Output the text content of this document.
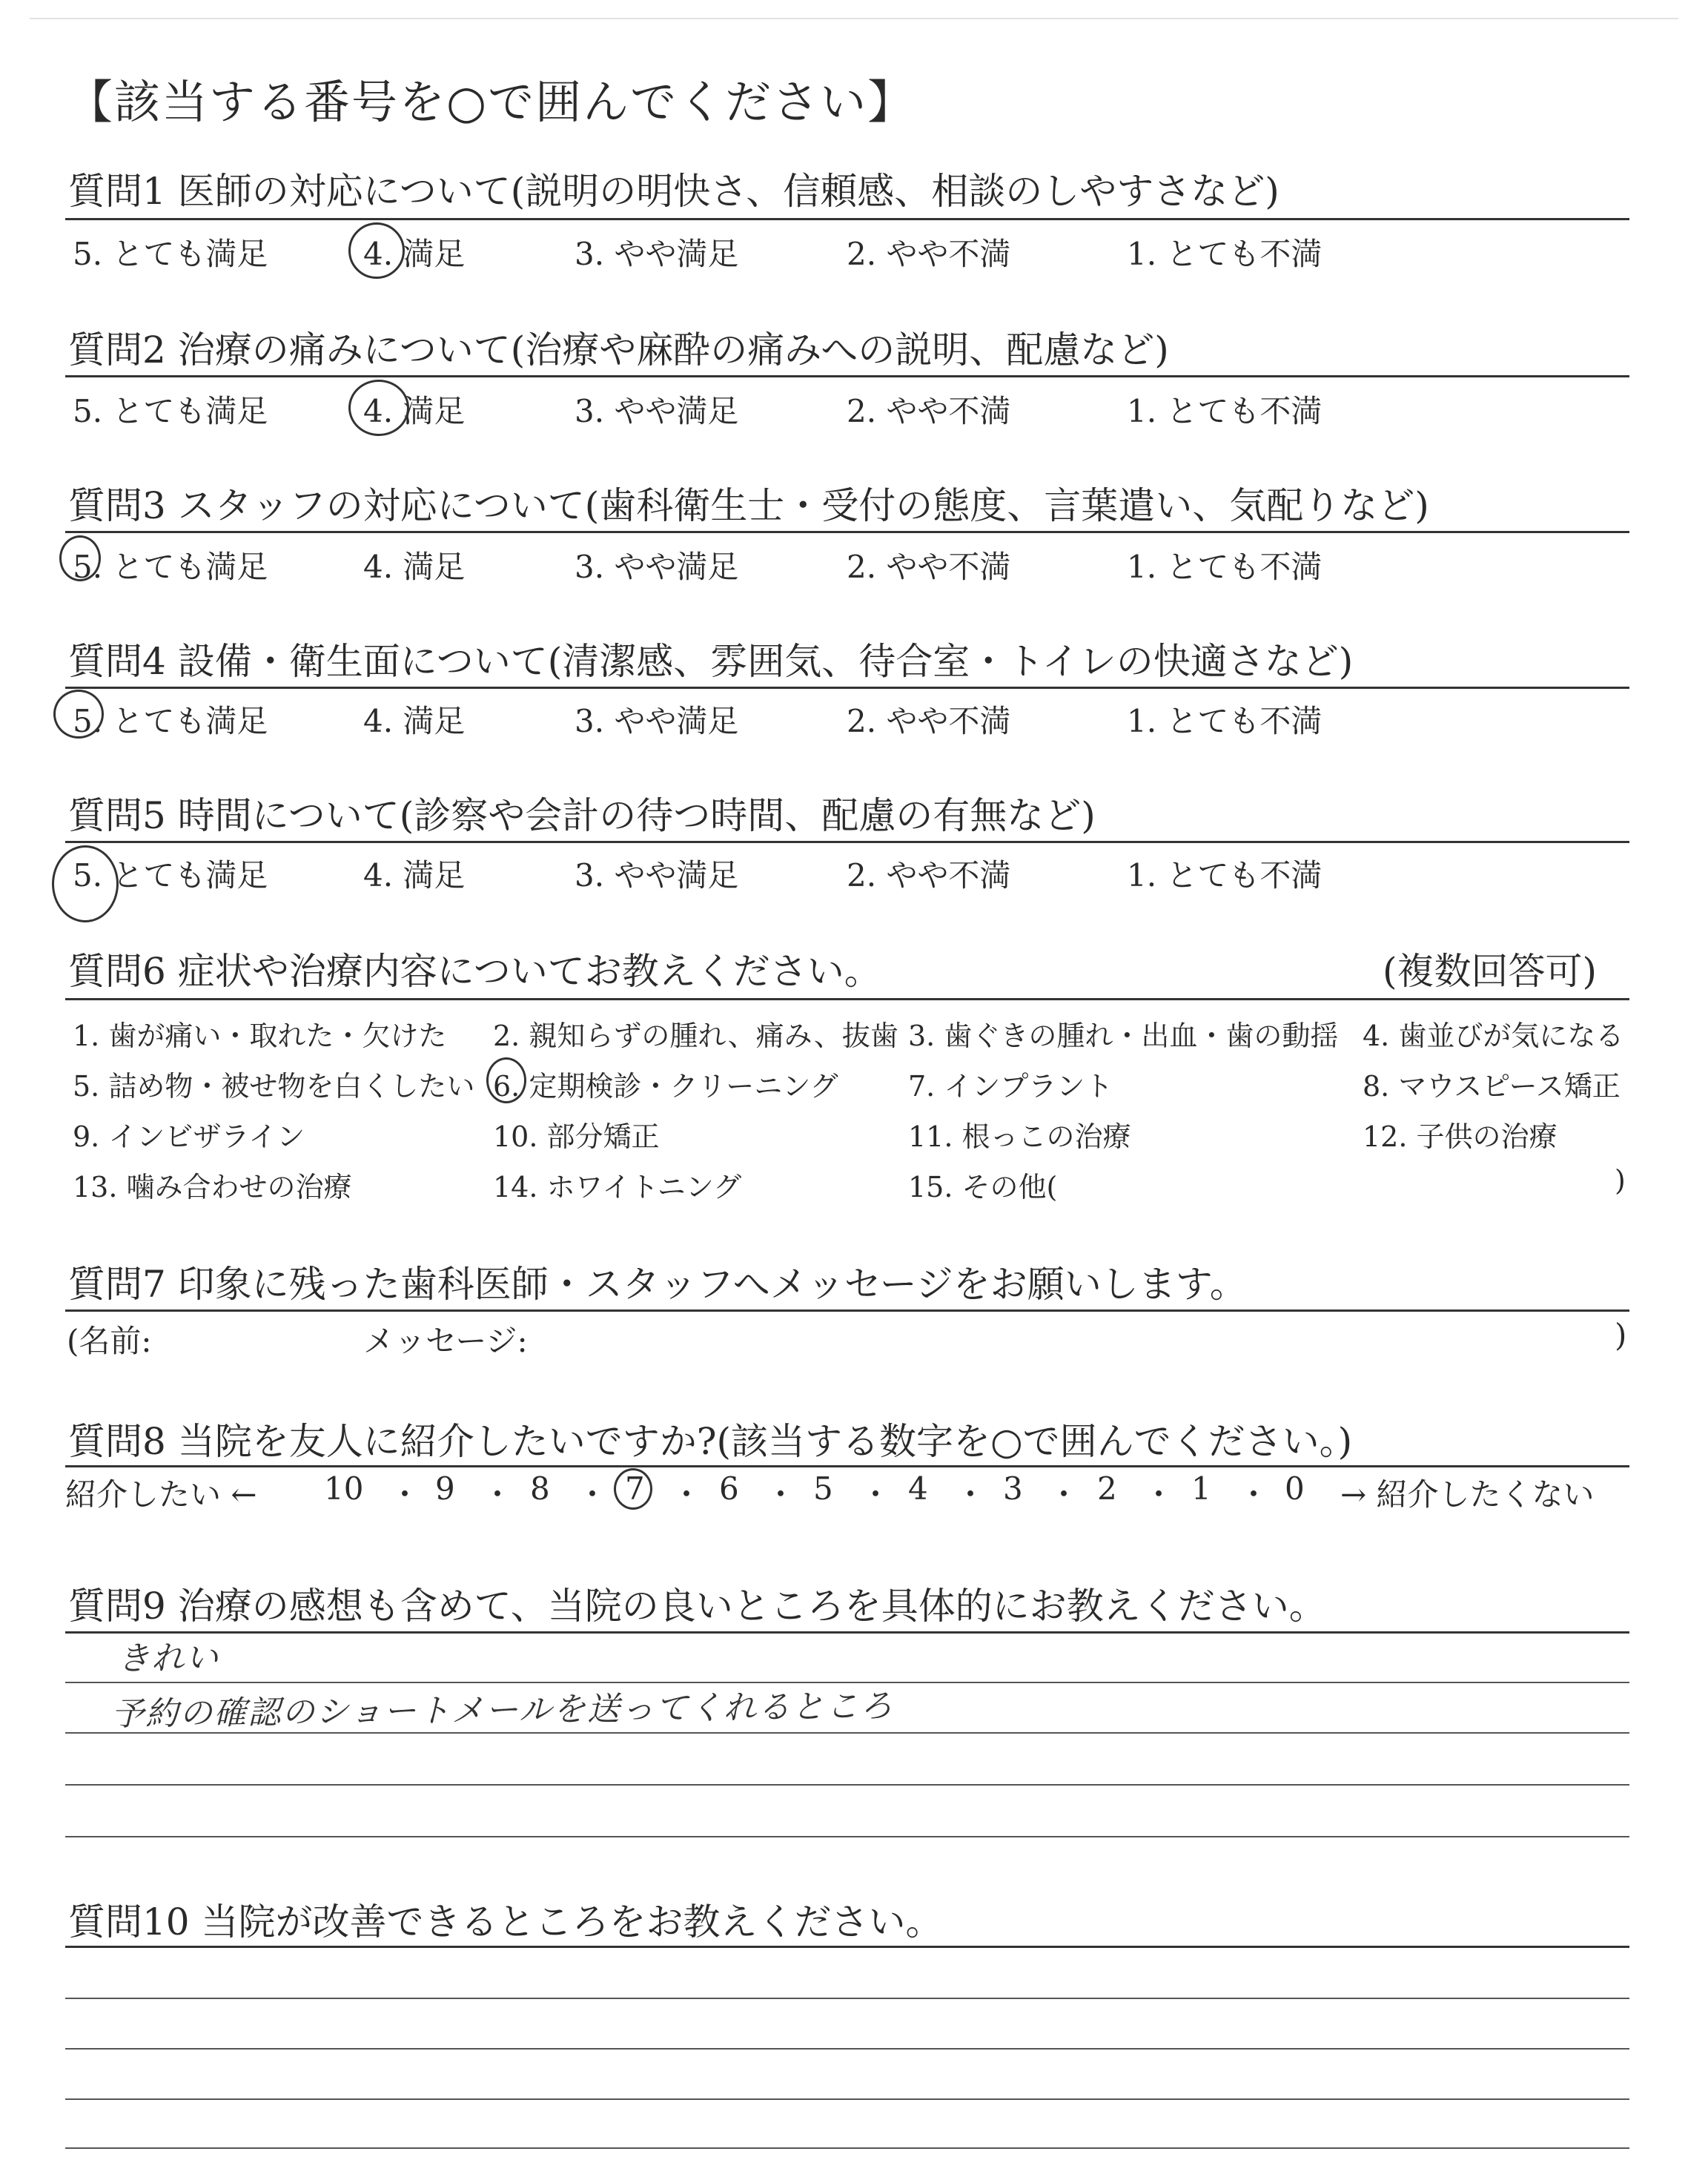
【該当する番号を○で囲んでください】
質問1 医師の対応について(説明の明快さ、信頼感、相談のしやすさなど)
5. とても満足	4. 満足	3. やや満足	2. やや不満	1. とても不満
質問2 治療の痛みについて(治療や麻酔の痛みへの説明、配慮など)
5. とても満足	4. 満足	3. やや満足	2. やや不満	1. とても不満
質問3 スタッフの対応について(歯科衛生士・受付の態度、言葉遣い、気配りなど)
5. とても満足	4. 満足	3. やや満足	2. やや不満	1. とても不満
質問4 設備・衛生面について(清潔感、雰囲気、待合室・トイレの快適さなど)
5. とても満足	4. 満足	3. やや満足	2. やや不満	1. とても不満
質問5 時間について(診察や会計の待つ時間、配慮の有無など)
5. とても満足	4. 満足	3. やや満足	2. やや不満	1. とても不満
質問6 症状や治療内容についてお教えください。	(複数回答可)
1. 歯が痛い・取れた・欠けた 2. 親知らずの腫れ、痛み、抜歯 3. 歯ぐきの腫れ・出血・歯の動揺 4. 歯並びが気になる
5. 詰め物・被せ物を白くしたい 6. 定期検診・クリーニング 7. インプラント	8. マウスピース矯正
9. インビザライン	10. 部分矯正	11. 根っこの治療	12. 子供の治療
13. 噛み合わせの治療	14. ホワイトニング	15. その他(	)
質問7 印象に残った歯科医師・スタッフへメッセージをお願いします。
(名前:	メッセージ:	)
質問8 当院を友人に紹介したいですか?(該当する数字を○で囲んでください。)
紹介したい ← 10 ・ 9 ・ 8 ・ 7 ・ 6 ・ 5 ・ 4 ・ 3 ・ 2 ・ 1 ・ 0 → 紹介したくない
質問9 治療の感想も含めて、当院の良いところを具体的にお教えください。
きれい
予約の確認のショートメールを送ってくれるところ
質問10 当院が改善できるところをお教えください。
